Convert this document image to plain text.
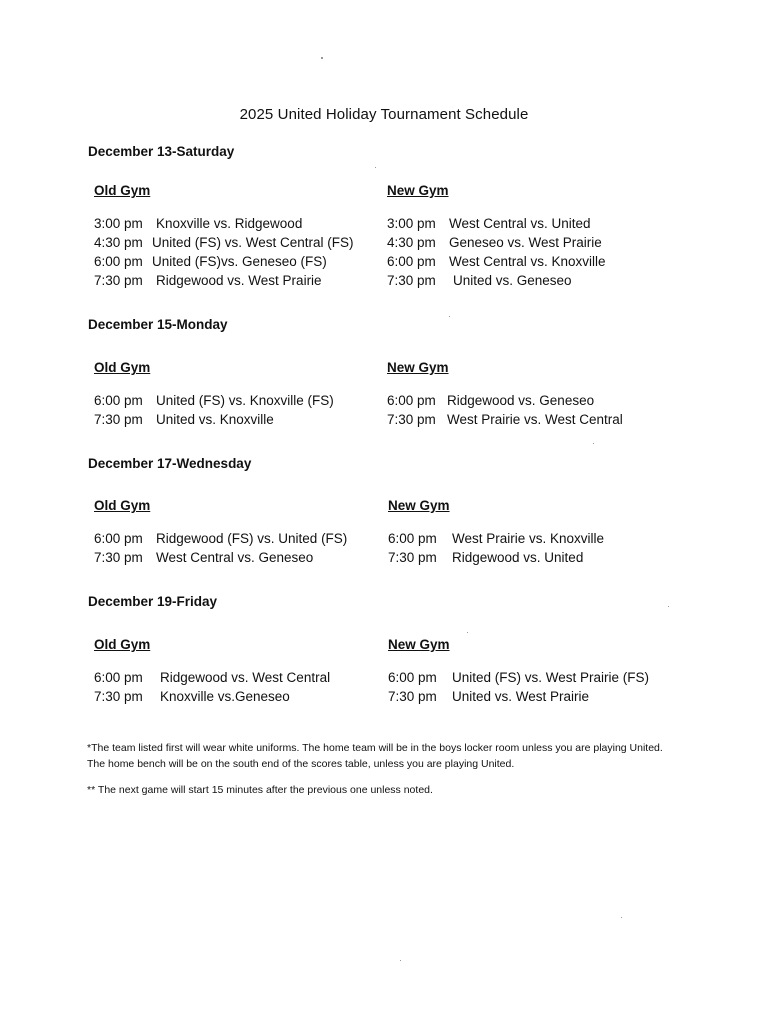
2025 United Holiday Tournament Schedule
December 13-Saturday
Old Gym
3:00 pm Knoxville vs. Ridgewood
4:30 pm United (FS) vs. West Central (FS)
6:00 pm United (FS)vs. Geneseo (FS)
7:30 pm Ridgewood vs. West Prairie
New Gym
3:00 pm West Central vs. United
4:30 pm Geneseo vs. West Prairie
6:00 pm West Central vs. Knoxville
7:30 pm United vs. Geneseo
December 15-Monday
Old Gym
6:00 pm United (FS) vs. Knoxville (FS)
7:30 pm United vs. Knoxville
New Gym
6:00 pm Ridgewood vs. Geneseo
7:30 pm West Prairie vs. West Central
December 17-Wednesday
Old Gym
6:00 pm Ridgewood (FS) vs. United (FS)
7:30 pm West Central vs. Geneseo
New Gym
6:00 pm West Prairie vs. Knoxville
7:30 pm Ridgewood vs. United
December 19-Friday
Old Gym
6:00 pm Ridgewood vs. West Central
7:30 pm Knoxville vs.Geneseo
New Gym
6:00 pm United (FS) vs. West Prairie (FS)
7:30 pm United vs. West Prairie
*The team listed first will wear white uniforms. The home team will be in the boys locker room unless you are playing United. The home bench will be on the south end of the scores table, unless you are playing United.
** The next game will start 15 minutes after the previous one unless noted.
